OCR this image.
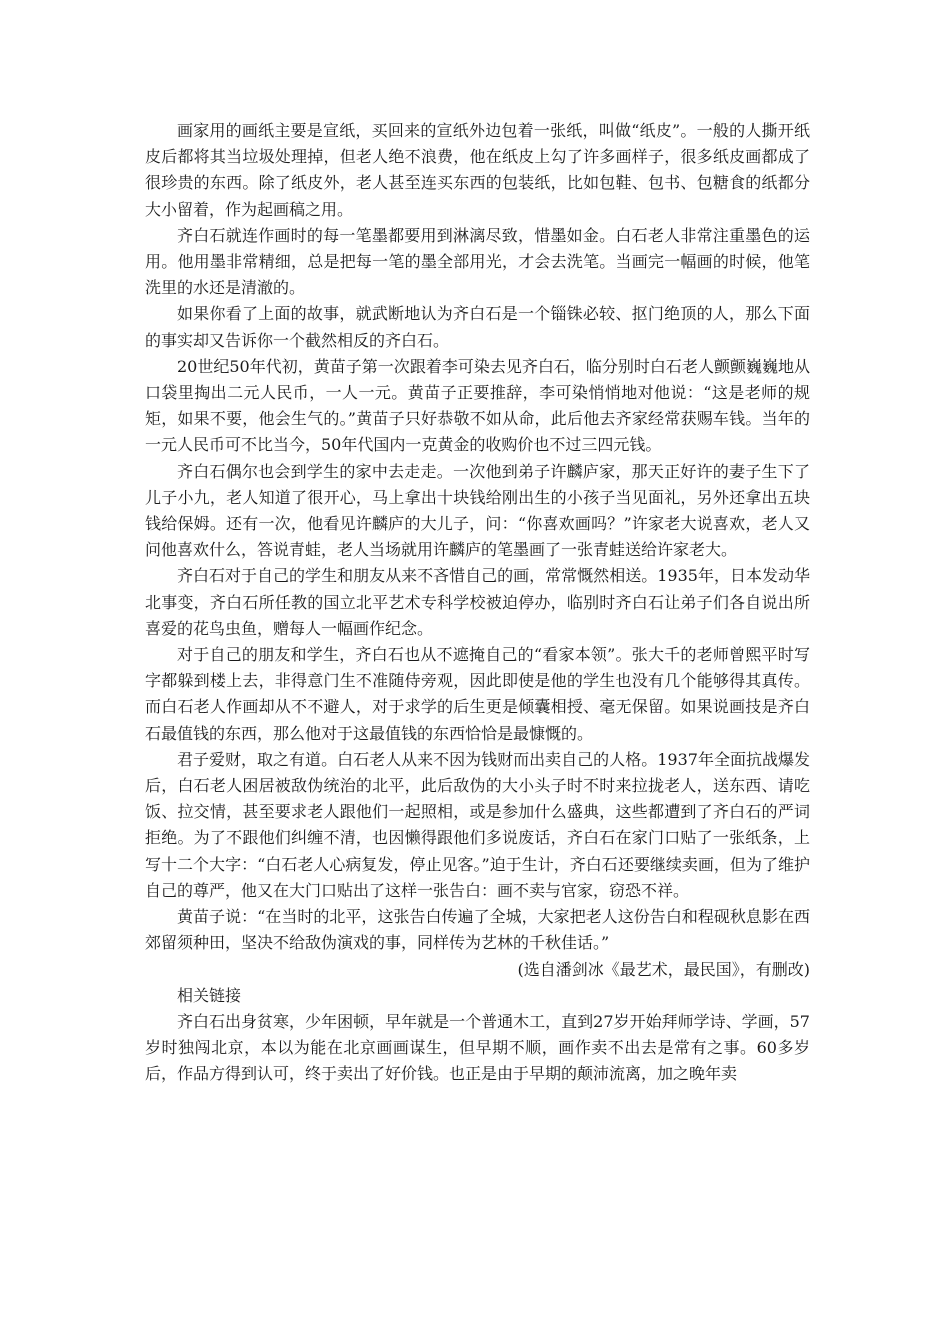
画家用的画纸主要是宣纸，买回来的宣纸外边包着一张纸，叫做“纸皮”。一般的人撕开纸皮后都将其当垃圾处理掉，但老人绝不浪费，他在纸皮上勾了许多画样子，很多纸皮画都成了很珍贵的东西。除了纸皮外，老人甚至连买东西的包装纸，比如包鞋、包书、包糖食的纸都分大小留着，作为起画稿之用。

齐白石就连作画时的每一笔墨都要用到淋漓尽致，惜墨如金。白石老人非常注重墨色的运用。他用墨非常精细，总是把每一笔的墨全部用光，才会去洗笔。当画完一幅画的时候，他笔洗里的水还是清澈的。

如果你看了上面的故事，就武断地认为齐白石是一个锱铢必较、抠门绝顶的人，那么下面的事实却又告诉你一个截然相反的齐白石。

20世纪50年代初，黄苗子第一次跟着李可染去见齐白石，临分别时白石老人颤颤巍巍地从口袋里掏出二元人民币，一人一元。黄苗子正要推辞，李可染悄悄地对他说：“这是老师的规矩，如果不要，他会生气的。”黄苗子只好恭敬不如从命，此后他去齐家经常获赐车钱。当年的一元人民币可不比当今，50年代国内一克黄金的收购价也不过三四元钱。

齐白石偶尔也会到学生的家中去走走。一次他到弟子许麟庐家，那天正好许的妻子生下了儿子小九，老人知道了很开心，马上拿出十块钱给刚出生的小孩子当见面礼，另外还拿出五块钱给保姆。还有一次，他看见许麟庐的大儿子，问：“你喜欢画吗？”许家老大说喜欢，老人又问他喜欢什么，答说青蛙，老人当场就用许麟庐的笔墨画了一张青蛙送给许家老大。

齐白石对于自己的学生和朋友从来不吝惜自己的画，常常慨然相送。1935年，日本发动华北事变，齐白石所任教的国立北平艺术专科学校被迫停办，临别时齐白石让弟子们各自说出所喜爱的花鸟虫鱼，赠每人一幅画作纪念。

对于自己的朋友和学生，齐白石也从不遮掩自己的“看家本领”。张大千的老师曾熙平时写字都躲到楼上去，非得意门生不准随侍旁观，因此即使是他的学生也没有几个能够得其真传。而白石老人作画却从不不避人，对于求学的后生更是倾囊相授、毫无保留。如果说画技是齐白石最值钱的东西，那么他对于这最值钱的东西恰恰是最慷慨的。

君子爱财，取之有道。白石老人从来不因为钱财而出卖自己的人格。1937年全面抗战爆发后，白石老人困居被敌伪统治的北平，此后敌伪的大小头子时不时来拉拢老人，送东西、请吃饭、拉交情，甚至要求老人跟他们一起照相，或是参加什么盛典，这些都遭到了齐白石的严词拒绝。为了不跟他们纠缠不清，也因懒得跟他们多说废话，齐白石在家门口贴了一张纸条，上写十二个大字：“白石老人心病复发，停止见客。”迫于生计，齐白石还要继续卖画，但为了维护自己的尊严，他又在大门口贴出了这样一张告白：画不卖与官家，窃恐不祥。

黄苗子说：“在当时的北平，这张告白传遍了全城，大家把老人这份告白和程砚秋息影在西郊留须种田，坚决不给敌伪演戏的事，同样传为艺林的千秋佳话。”

(选自潘剑冰《最艺术，最民国》，有删改)

相关链接

齐白石出身贫寒，少年困顿，早年就是一个普通木工，直到27岁开始拜师学诗、学画，57岁时独闯北京，本以为能在北京画画谋生，但早期不顺，画作卖不出去是常有之事。60多岁后，作品方得到认可，终于卖出了好价钱。也正是由于早期的颠沛流离，加之晚年卖
